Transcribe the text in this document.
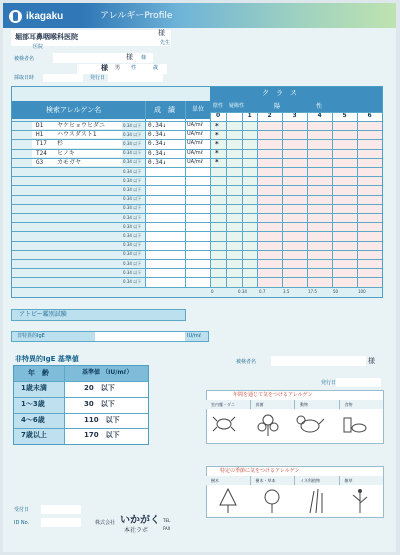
ikagaku	アレルギーProfile
堀部耳鼻咽喉科医院
医院
様
先生
被検者名	様 様
様 男 性	歳
採取日時	発行日
ク　ラ　ス
検索アレルゲン名	成　績	単位 陰性 疑陽性	陽　　　　　　性
0	1	2	3	4	5	6
D1 ヤケヒョウヒダニ	0.34 以下 0.34↓	UA/mℓ *
H1 ハウスダスト1	0.34 以下 0.34↓	UA/mℓ *
T17 杉	0.34 以下 0.34↓	UA/mℓ *
T24 ヒノキ	0.34 以下 0.34↓	UA/mℓ *
G3 カモガヤ	0.34 以下 0.34↓	UA/mℓ *
0.34 以下
0.34 以下
0.34 以下
0.34 以下
0.34 以下
0.34 以下
0.34 以下
0.34 以下
0.34 以下
0.34 以下
0.34 以下
0.34 以下
0.34 以下
0	0.34	0.7	3.5	17.5	50	100
アトピー鑑別試験
非特異的IgE	IU/mℓ
非特異的IgE 基準値
年　齢	基準値 （IU/mℓ）
1歳未満	20　以下
1〜3歳	30　以下
4〜6歳	110　以下
7歳以上	170　以下
被検者名	様
発行日
年間を通じて気をつけるアレルゲン
室内塵・ダニ	真菌	動物	食物
特定の季節に気をつけるアレルゲン
樹木	樹木・草本	イネ科植物	雑草
受付日
ID No.	株式会社 いかがく
本社ラボ
TEL
FAX
